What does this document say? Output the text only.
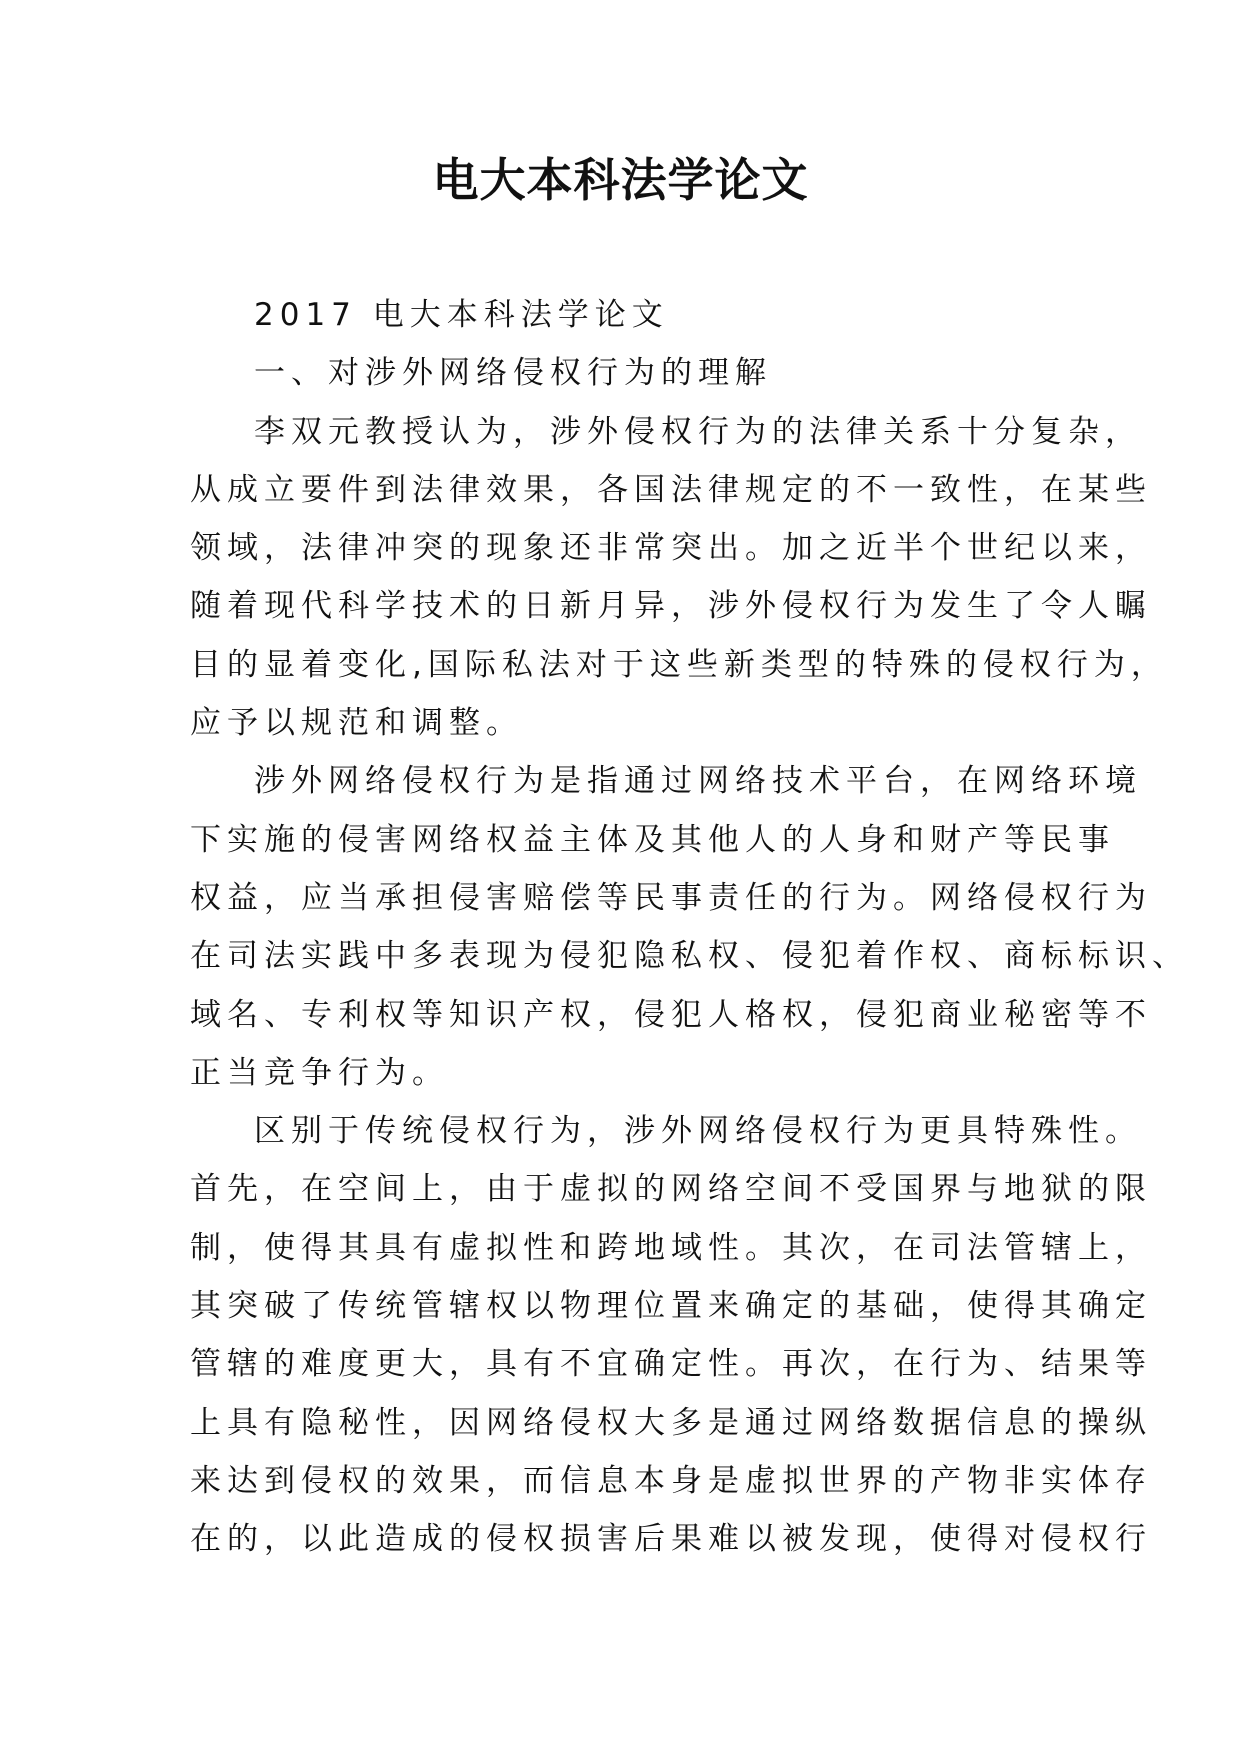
电大本科法学论文
2017 电大本科法学论文
一、对涉外网络侵权行为的理解
李双元教授认为，涉外侵权行为的法律关系十分复杂，
从成立要件到法律效果，各国法律规定的不一致性，在某些
领域，法律冲突的现象还非常突出。加之近半个世纪以来，
随着现代科学技术的日新月异，涉外侵权行为发生了令人瞩
目的显着变化,国际私法对于这些新类型的特殊的侵权行为，
应予以规范和调整。
涉外网络侵权行为是指通过网络技术平台，在网络环境
下实施的侵害网络权益主体及其他人的人身和财产等民事
权益，应当承担侵害赔偿等民事责任的行为。网络侵权行为
在司法实践中多表现为侵犯隐私权、侵犯着作权、商标标识、
域名、专利权等知识产权，侵犯人格权，侵犯商业秘密等不
正当竞争行为。
区别于传统侵权行为，涉外网络侵权行为更具特殊性。
首先，在空间上，由于虚拟的网络空间不受国界与地狱的限
制，使得其具有虚拟性和跨地域性。其次，在司法管辖上，
其突破了传统管辖权以物理位置来确定的基础，使得其确定
管辖的难度更大，具有不宜确定性。再次，在行为、结果等
上具有隐秘性，因网络侵权大多是通过网络数据信息的操纵
来达到侵权的效果，而信息本身是虚拟世界的产物非实体存
在的，以此造成的侵权损害后果难以被发现，使得对侵权行
